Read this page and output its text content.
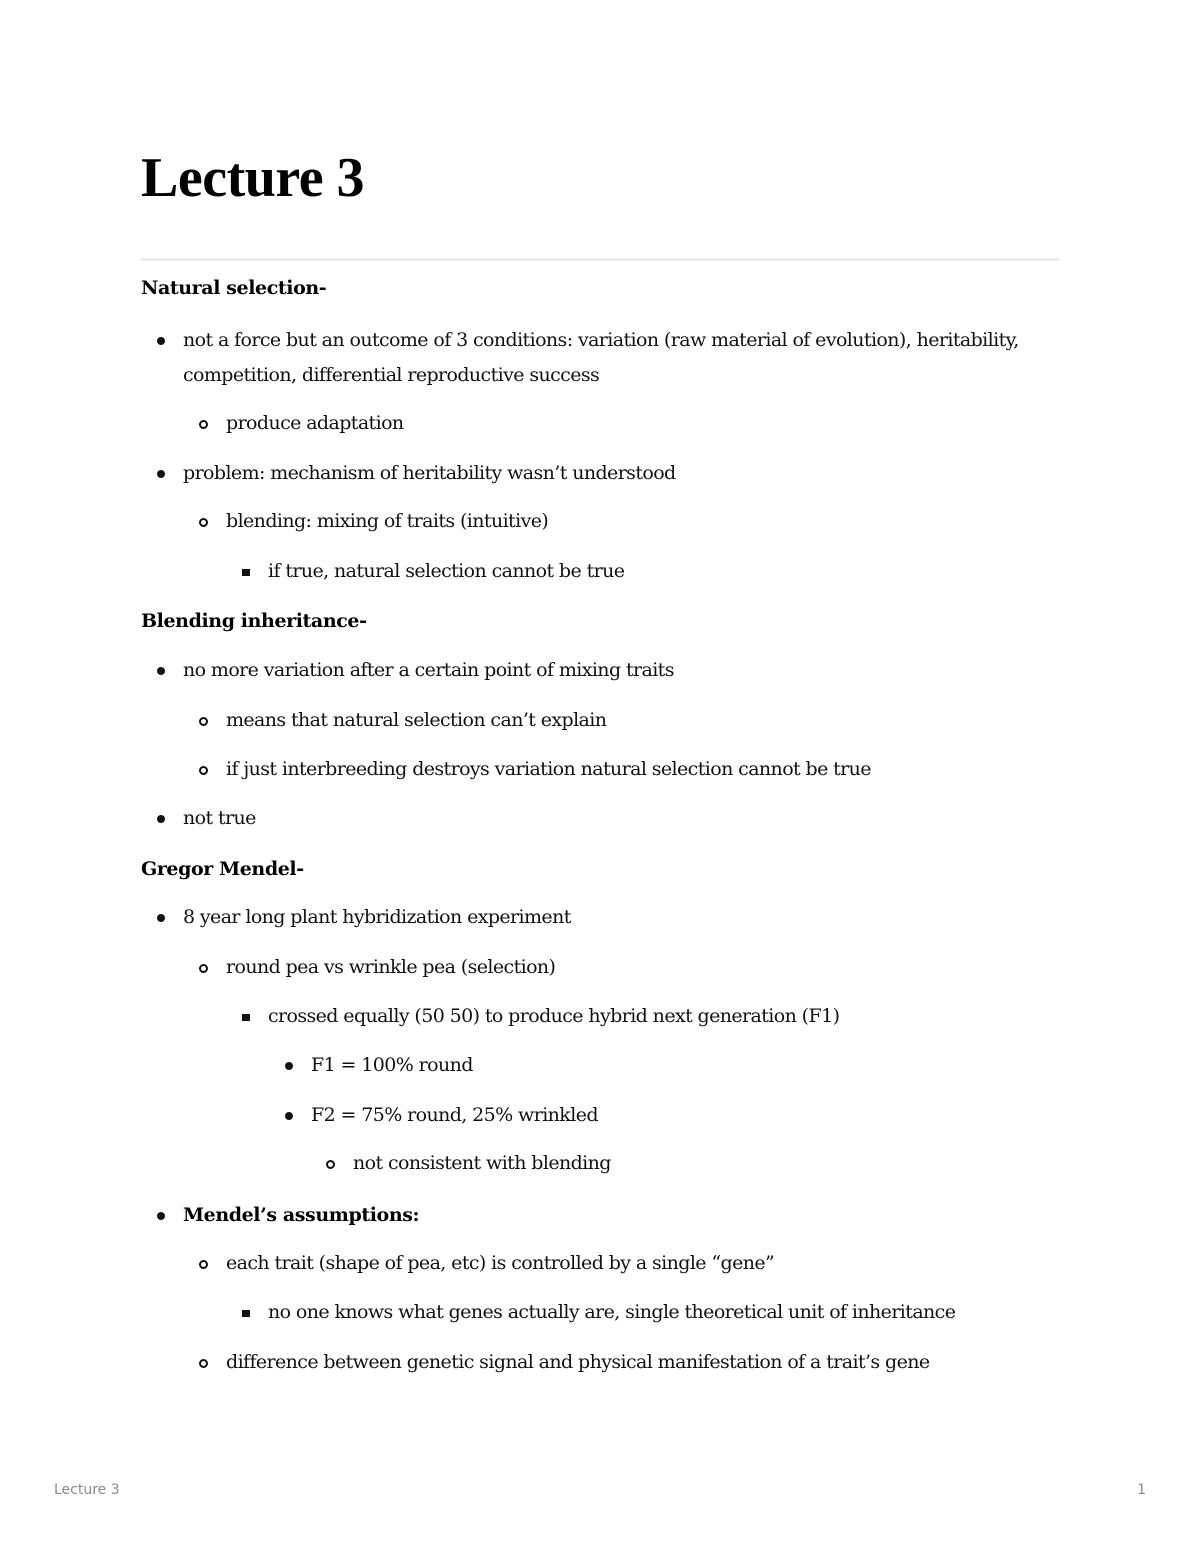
Lecture 3
Natural selection-
not a force but an outcome of 3 conditions: variation (raw material of evolution), heritability,
competition, differential reproductive success
produce adaptation
problem: mechanism of heritability wasn’t understood
blending: mixing of traits (intuitive)
if true, natural selection cannot be true
Blending inheritance-
no more variation after a certain point of mixing traits
means that natural selection can’t explain
if just interbreeding destroys variation natural selection cannot be true
not true
Gregor Mendel-
8 year long plant hybridization experiment
round pea vs wrinkle pea (selection)
crossed equally (50 50) to produce hybrid next generation (F1)
F1 = 100% round
F2 = 75% round, 25% wrinkled
not consistent with blending
Mendel’s assumptions:
each trait (shape of pea, etc) is controlled by a single “gene”
no one knows what genes actually are, single theoretical unit of inheritance
difference between genetic signal and physical manifestation of a trait’s gene
Lecture 3	1
